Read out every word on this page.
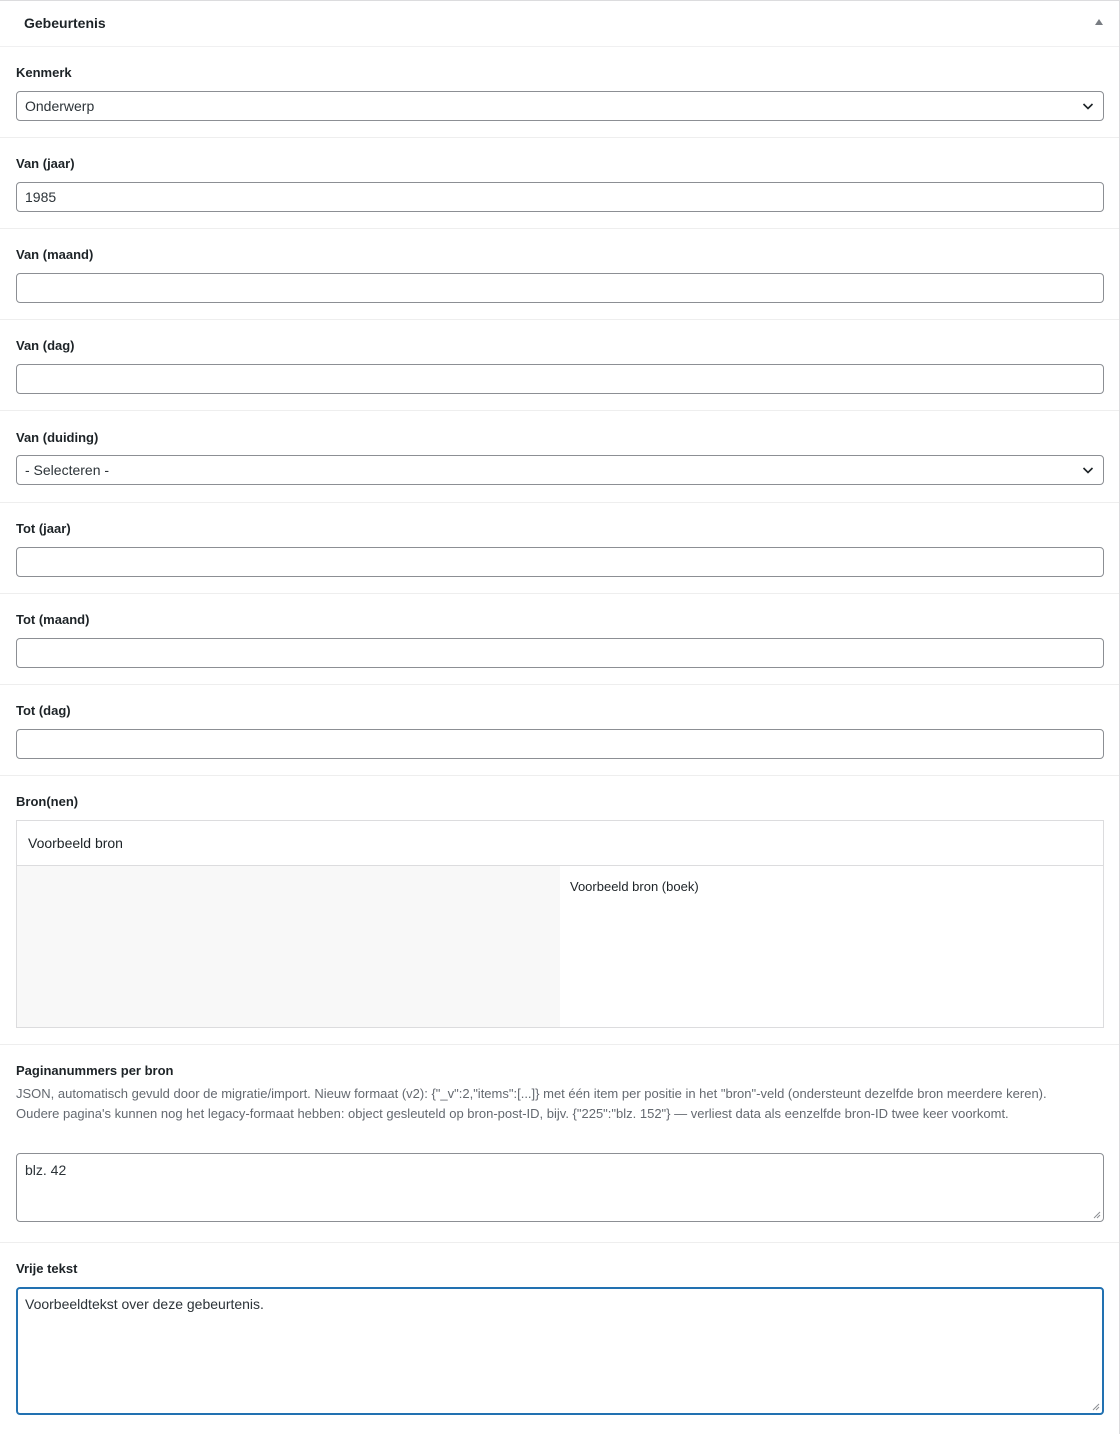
Gebeurtenis
Kenmerk
Onderwerp
Van (jaar)
1985
Van (maand)
Van (dag)
Van (duiding)
- Selecteren -
Tot (jaar)
Tot (maand)
Tot (dag)
Bron(nen)
Voorbeeld bron
Voorbeeld bron (boek)
Paginanummers per bron
JSON, automatisch gevuld door de migratie/import. Nieuw formaat (v2): {"_v":2,"items":[...]} met één item per positie in het "bron"-veld (ondersteunt dezelfde bron meerdere keren). Oudere pagina's kunnen nog het legacy-formaat hebben: object gesleuteld op bron-post-ID, bijv. {"225":"blz. 152"} — verliest data als eenzelfde bron-ID twee keer voorkomt.
blz. 42
Vrije tekst
Voorbeeldtekst over deze gebeurtenis.
